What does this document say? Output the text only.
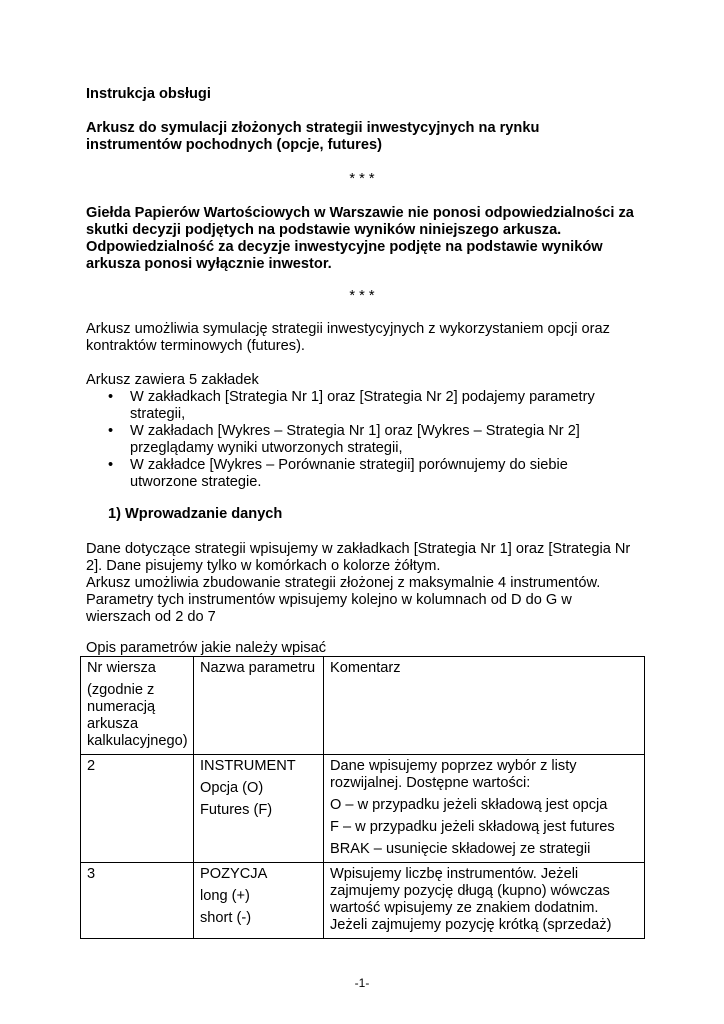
Instrukcja obsługi

Arkusz do symulacji złożonych strategii inwestycyjnych na rynku

instrumentów pochodnych (opcje, futures)

* * *

Giełda Papierów Wartościowych w Warszawie nie ponosi odpowiedzialności za

skutki decyzji podjętych na podstawie wyników niniejszego arkusza.

Odpowiedzialność za decyzje inwestycyjne podjęte na podstawie wyników

arkusza ponosi wyłącznie inwestor.

* * *

Arkusz umożliwia symulację strategii inwestycyjnych z wykorzystaniem opcji oraz

kontraktów terminowych (futures).

Arkusz zawiera 5 zakładek

• W zakładkach [Strategia Nr 1] oraz [Strategia Nr 2] podajemy parametry

strategii,

• W zakładach [Wykres – Strategia Nr 1] oraz [Wykres – Strategia Nr 2]

przeglądamy wyniki utworzonych strategii,

• W zakładce [Wykres – Porównanie strategii] porównujemy do siebie

utworzone strategie.

1) Wprowadzanie danych

Dane dotyczące strategii wpisujemy w zakładkach [Strategia Nr 1] oraz [Strategia Nr

2]. Dane pisujemy tylko w komórkach o kolorze żółtym.

Arkusz umożliwia zbudowanie strategii złożonej z maksymalnie 4 instrumentów.

Parametry tych instrumentów wpisujemy kolejno w kolumnach od D do G w

wierszach od 2 do 7

Opis parametrów jakie należy wpisać

Nr wiersza
(zgodnie z
numeracją
arkusza
kalkulacyjnego)	Nazwa parametru	Komentarz
2	INSTRUMENT
Opcja (O)
Futures (F)	Dane wpisujemy poprzez wybór z listy
rozwijalnej. Dostępne wartości:
O – w przypadku jeżeli składową jest opcja
F – w przypadku jeżeli składową jest futures
BRAK – usunięcie składowej ze strategii

3	POZYCJA
long (+)
short (-)	Wpisujemy liczbę instrumentów. Jeżeli
zajmujemy pozycję długą (kupno) wówczas
wartość wpisujemy ze znakiem dodatnim.
Jeżeli zajmujemy pozycję krótką (sprzedaż)
-1-
